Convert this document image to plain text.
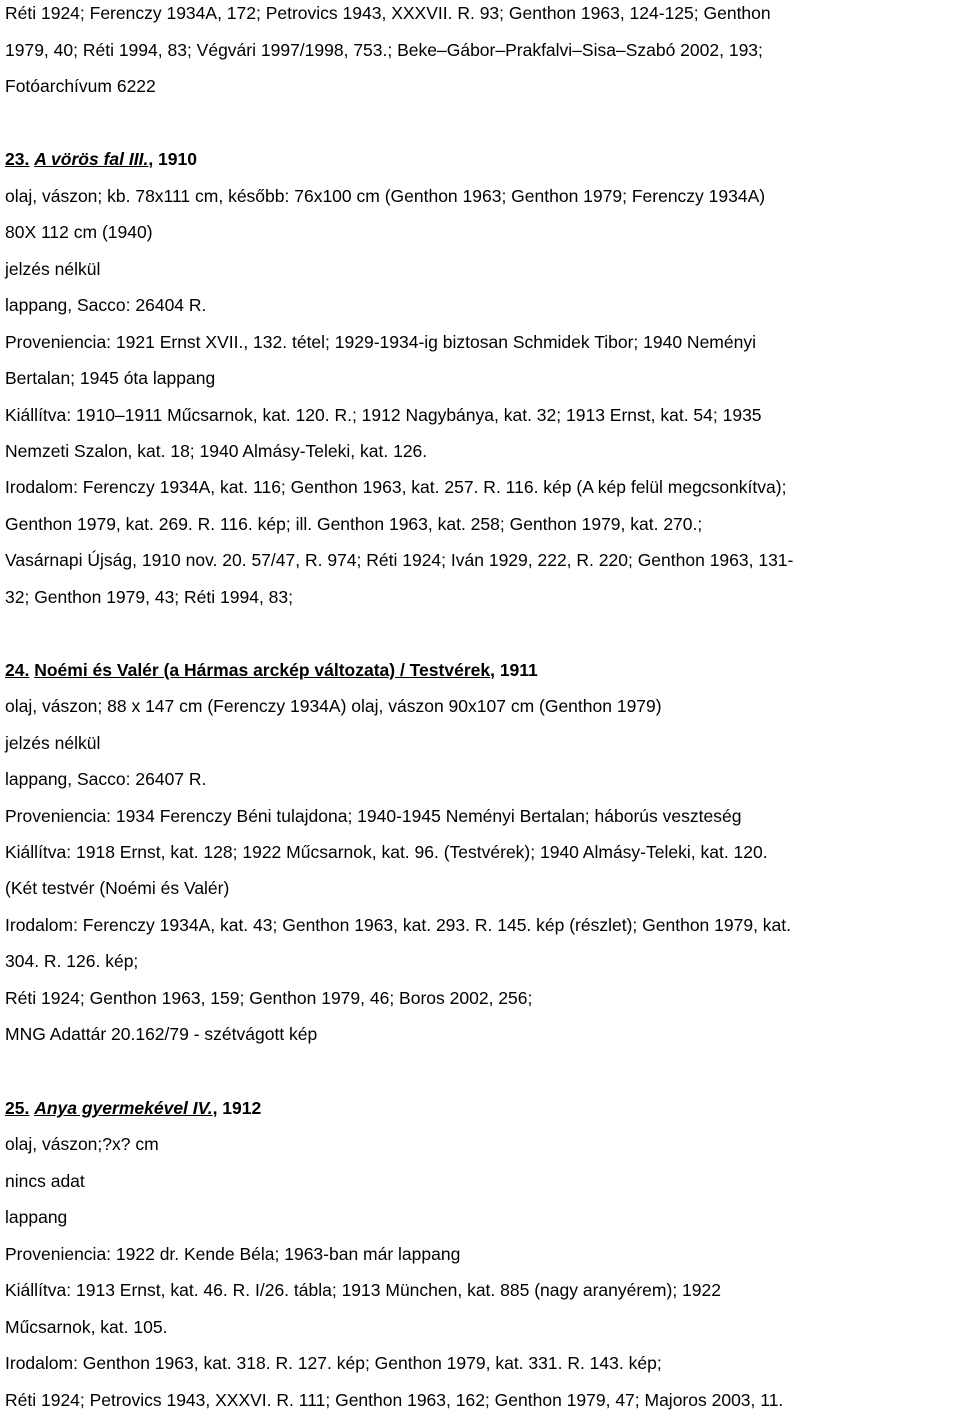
Réti 1924; Ferenczy 1934A, 172; Petrovics 1943, XXXVII. R. 93; Genthon 1963, 124-125; Genthon
1979, 40; Réti 1994, 83; Végvári 1997/1998, 753.; Beke–Gábor–Prakfalvi–Sisa–Szabó 2002, 193;
Fotóarchívum 6222
23. A vörös fal III., 1910
olaj, vászon; kb. 78x111 cm, később: 76x100 cm (Genthon 1963; Genthon 1979; Ferenczy 1934A)
80X 112 cm (1940)
jelzés nélkül
lappang, Sacco: 26404 R.
Proveniencia: 1921 Ernst XVII., 132. tétel; 1929-1934-ig biztosan Schmidek Tibor; 1940 Neményi
Bertalan; 1945 óta lappang
Kiállítva: 1910–1911 Műcsarnok, kat. 120. R.; 1912 Nagybánya, kat. 32; 1913 Ernst, kat. 54; 1935
Nemzeti Szalon, kat. 18; 1940 Almásy-Teleki, kat. 126.
Irodalom: Ferenczy 1934A, kat. 116; Genthon 1963, kat. 257. R. 116. kép (A kép felül megcsonkítva);
Genthon 1979, kat. 269. R. 116. kép; ill. Genthon 1963, kat. 258; Genthon 1979, kat. 270.;
Vasárnapi Újság, 1910 nov. 20. 57/47, R. 974; Réti 1924; Iván 1929, 222, R. 220; Genthon 1963, 131-
32; Genthon 1979, 43; Réti 1994, 83;
24. Noémi és Valér (a Hármas arckép változata) / Testvérek, 1911
olaj, vászon; 88 x 147 cm (Ferenczy 1934A) olaj, vászon 90x107 cm (Genthon 1979)
jelzés nélkül
lappang, Sacco: 26407 R.
Proveniencia: 1934 Ferenczy Béni tulajdona; 1940-1945 Neményi Bertalan; háborús veszteség
Kiállítva: 1918 Ernst, kat. 128; 1922 Műcsarnok, kat. 96. (Testvérek); 1940 Almásy-Teleki, kat. 120.
(Két testvér (Noémi és Valér)
Irodalom: Ferenczy 1934A, kat. 43; Genthon 1963, kat. 293. R. 145. kép (részlet); Genthon 1979, kat.
304. R. 126. kép;
Réti 1924; Genthon 1963, 159; Genthon 1979, 46; Boros 2002, 256;
MNG Adattár 20.162/79 - szétvágott kép
25. Anya gyermekével IV., 1912
olaj, vászon;?x? cm
nincs adat
lappang
Proveniencia: 1922 dr. Kende Béla; 1963-ban már lappang
Kiállítva: 1913 Ernst, kat. 46. R. I/26. tábla; 1913 München, kat. 885 (nagy aranyérem); 1922
Műcsarnok, kat. 105.
Irodalom: Genthon 1963, kat. 318. R. 127. kép; Genthon 1979, kat. 331. R. 143. kép;
Réti 1924; Petrovics 1943, XXXVI. R. 111; Genthon 1963, 162; Genthon 1979, 47; Majoros 2003, 11.
